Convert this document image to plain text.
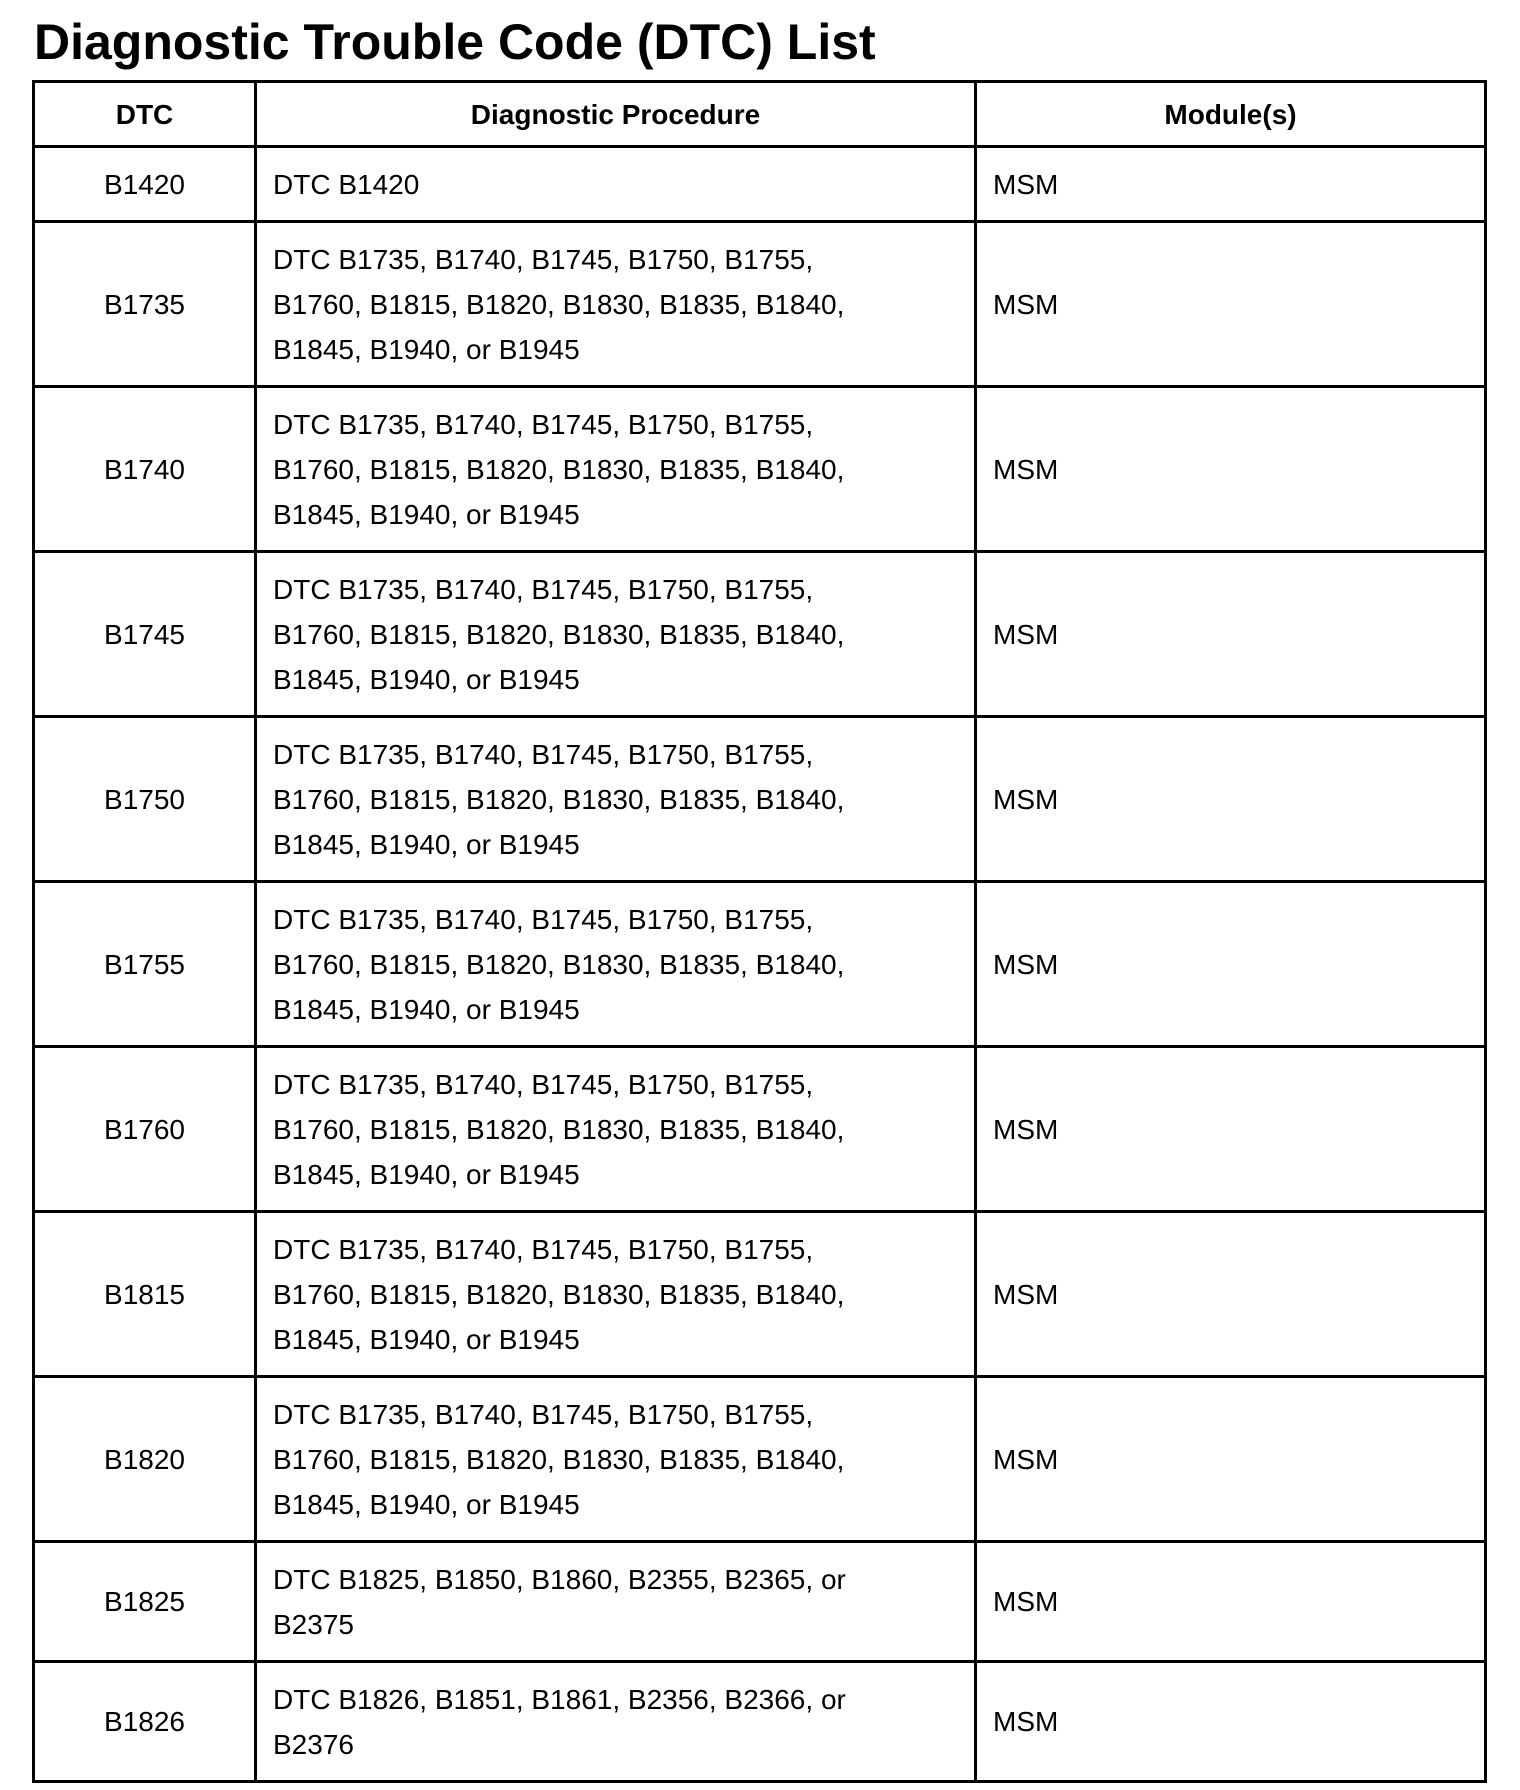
Diagnostic Trouble Code (DTC) List
DTC	Diagnostic Procedure	Module(s)
B1420	DTC B1420	MSM
B1735	DTC B1735, B1740, B1745, B1750, B1755,
B1760, B1815, B1820, B1830, B1835, B1840,
B1845, B1940, or B1945	MSM
B1740	DTC B1735, B1740, B1745, B1750, B1755,
B1760, B1815, B1820, B1830, B1835, B1840,
B1845, B1940, or B1945	MSM
B1745	DTC B1735, B1740, B1745, B1750, B1755,
B1760, B1815, B1820, B1830, B1835, B1840,
B1845, B1940, or B1945	MSM
B1750	DTC B1735, B1740, B1745, B1750, B1755,
B1760, B1815, B1820, B1830, B1835, B1840,
B1845, B1940, or B1945	MSM
B1755	DTC B1735, B1740, B1745, B1750, B1755,
B1760, B1815, B1820, B1830, B1835, B1840,
B1845, B1940, or B1945	MSM
B1760	DTC B1735, B1740, B1745, B1750, B1755,
B1760, B1815, B1820, B1830, B1835, B1840,
B1845, B1940, or B1945	MSM
B1815	DTC B1735, B1740, B1745, B1750, B1755,
B1760, B1815, B1820, B1830, B1835, B1840,
B1845, B1940, or B1945	MSM
B1820	DTC B1735, B1740, B1745, B1750, B1755,
B1760, B1815, B1820, B1830, B1835, B1840,
B1845, B1940, or B1945	MSM
B1825	DTC B1825, B1850, B1860, B2355, B2365, or
B2375	MSM
B1826	DTC B1826, B1851, B1861, B2356, B2366, or
B2376	MSM
